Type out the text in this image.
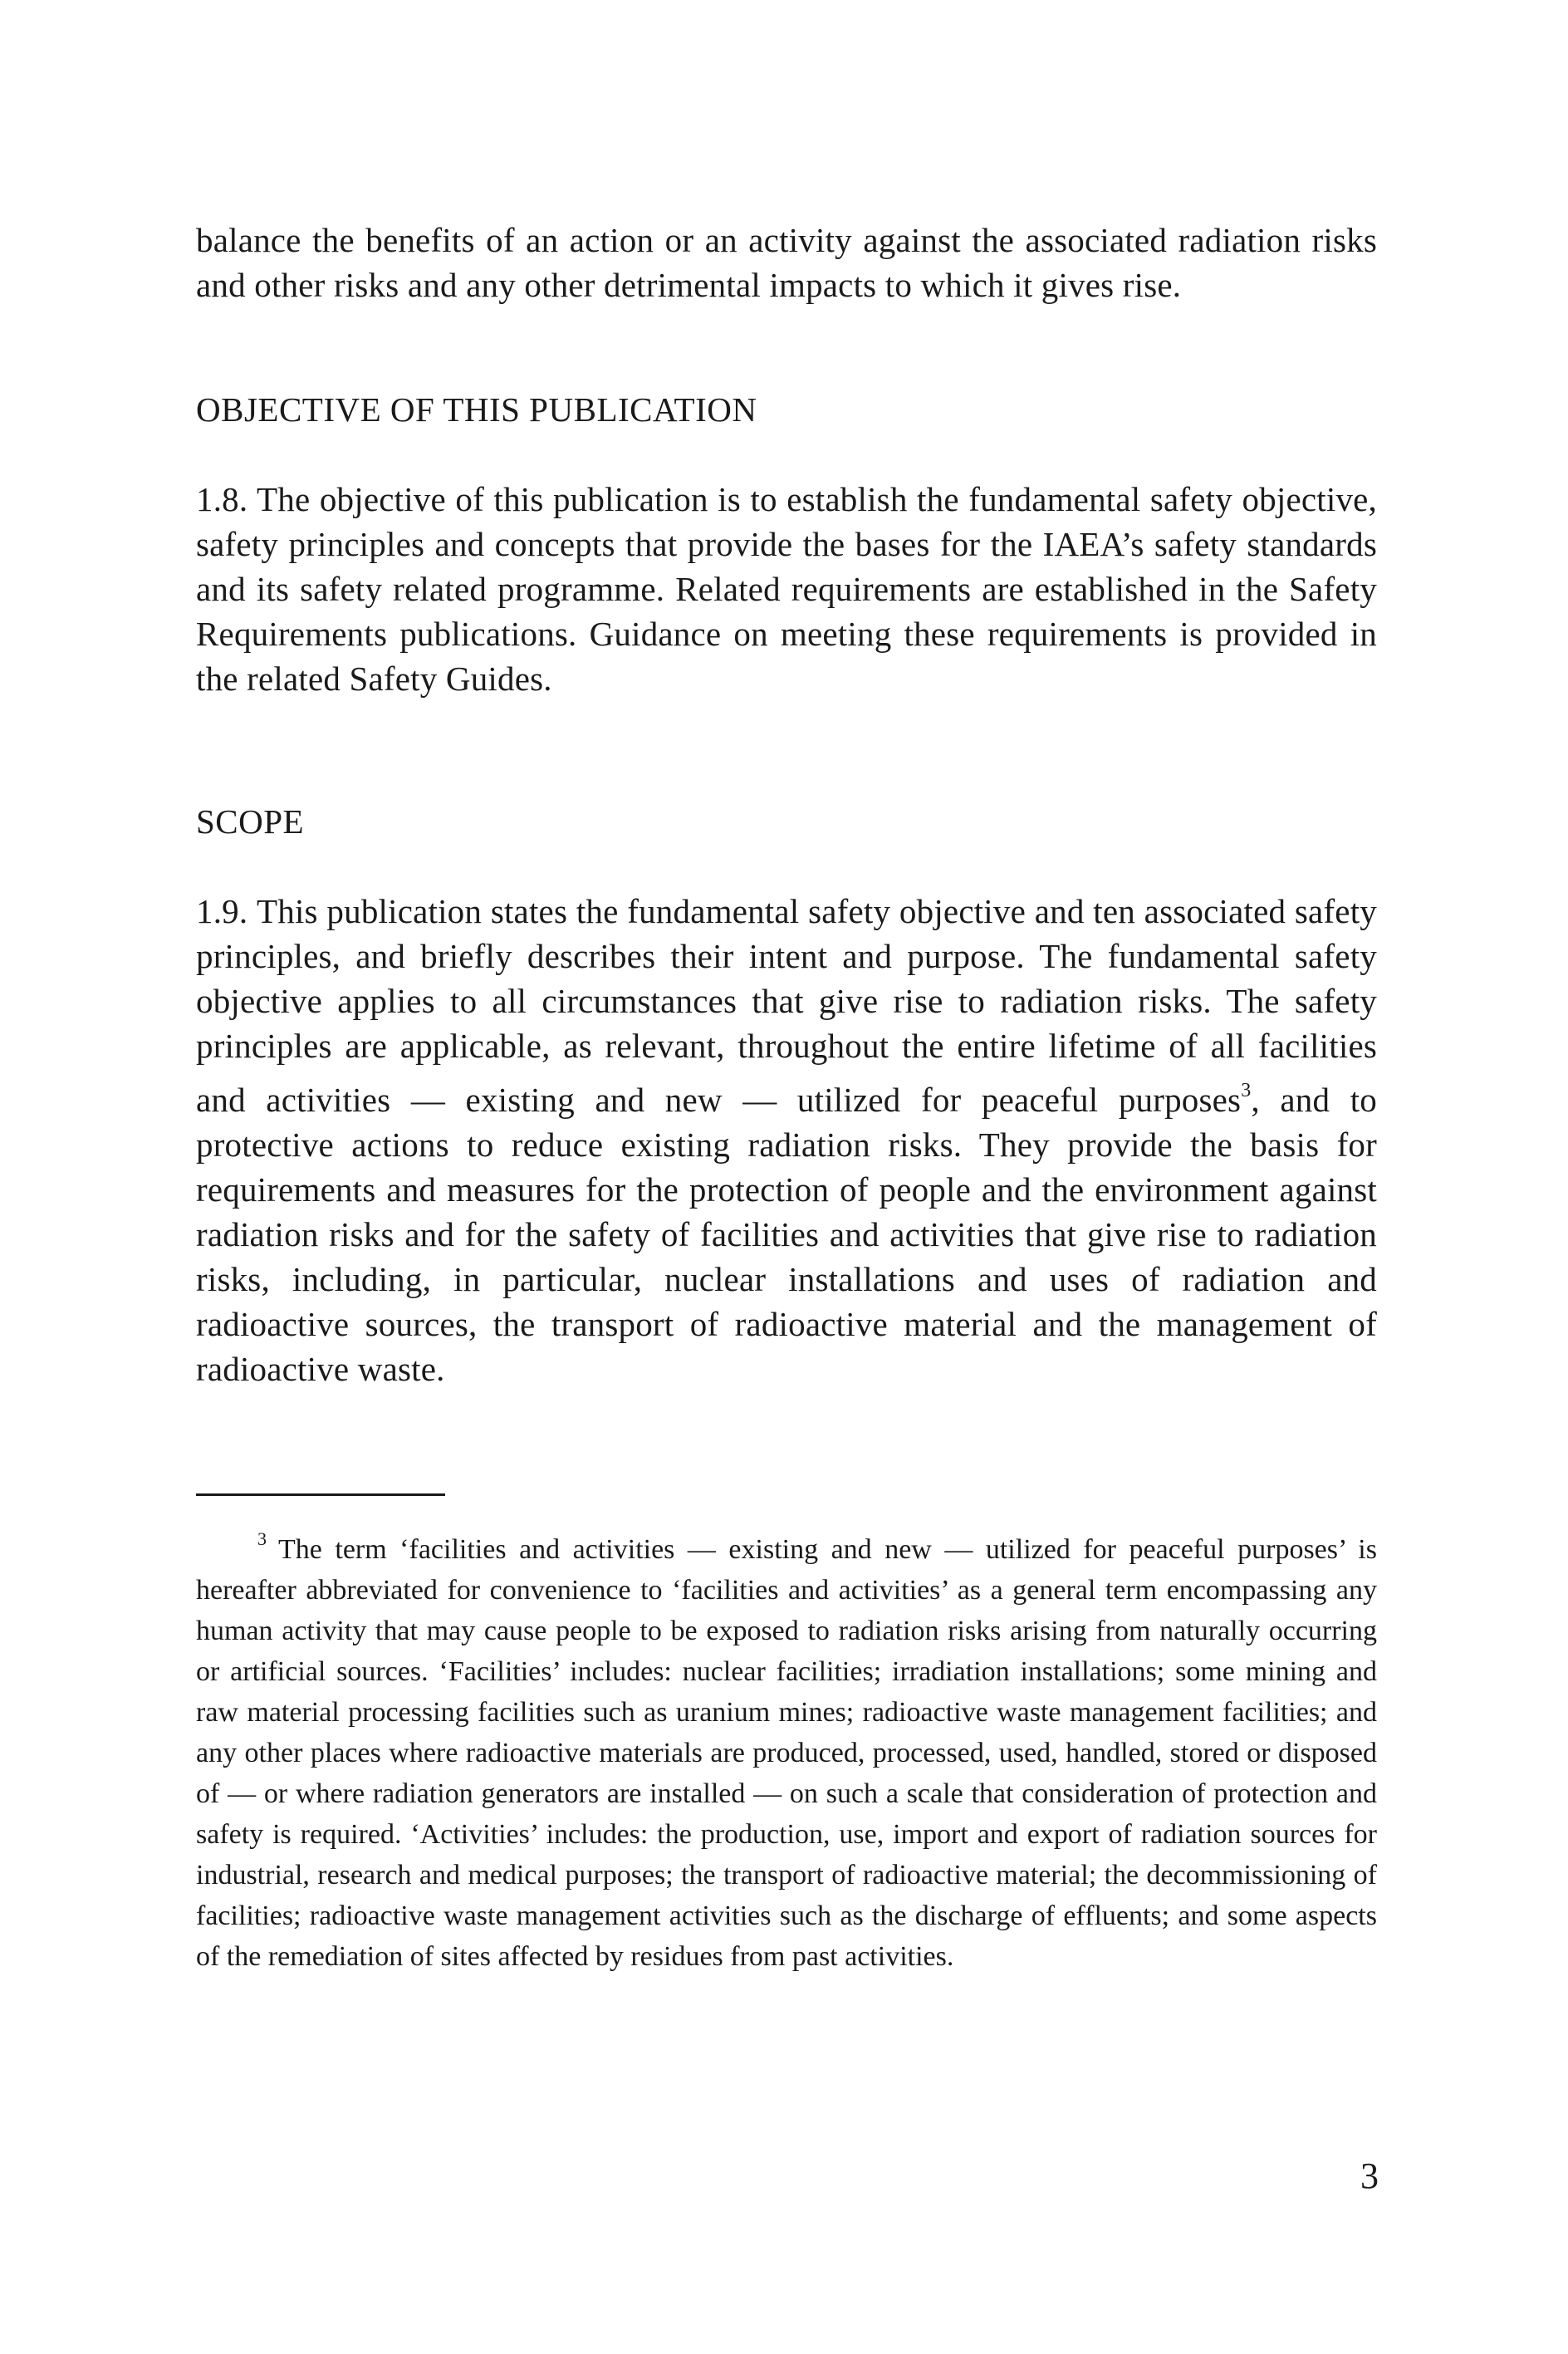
balance the benefits of an action or an activity against the associated radiation risks and other risks and any other detrimental impacts to which it gives rise.

OBJECTIVE OF THIS PUBLICATION

1.8. The objective of this publication is to establish the fundamental safety objective, safety principles and concepts that provide the bases for the IAEA’s safety standards and its safety related programme. Related requirements are established in the Safety Requirements publications. Guidance on meeting these requirements is provided in the related Safety Guides.

SCOPE

1.9. This publication states the fundamental safety objective and ten associated safety principles, and briefly describes their intent and purpose. The fundamental safety objective applies to all circumstances that give rise to radiation risks. The safety principles are applicable, as relevant, throughout the entire lifetime of all facilities and activities — existing and new — utilized for peaceful purposes$^3$, and to protective actions to reduce existing radiation risks. They provide the basis for requirements and measures for the protection of people and the environment against radiation risks and for the safety of facilities and activities that give rise to radiation risks, including, in particular, nuclear installations and uses of radiation and radioactive sources, the transport of radioactive material and the management of radioactive waste.

$^3$ The term ‘facilities and activities — existing and new — utilized for peaceful purposes’ is hereafter abbreviated for convenience to ‘facilities and activities’ as a general term encompassing any human activity that may cause people to be exposed to radiation risks arising from naturally occurring or artificial sources. ‘Facilities’ includes: nuclear facilities; irradiation installations; some mining and raw material processing facilities such as uranium mines; radioactive waste management facilities; and any other places where radioactive materials are produced, processed, used, handled, stored or disposed of — or where radiation generators are installed — on such a scale that consideration of protection and safety is required. ‘Activities’ includes: the production, use, import and export of radiation sources for industrial, research and medical purposes; the transport of radioactive material; the decommissioning of facilities; radioactive waste management activities such as the discharge of effluents; and some aspects of the remediation of sites affected by residues from past activities.

3
